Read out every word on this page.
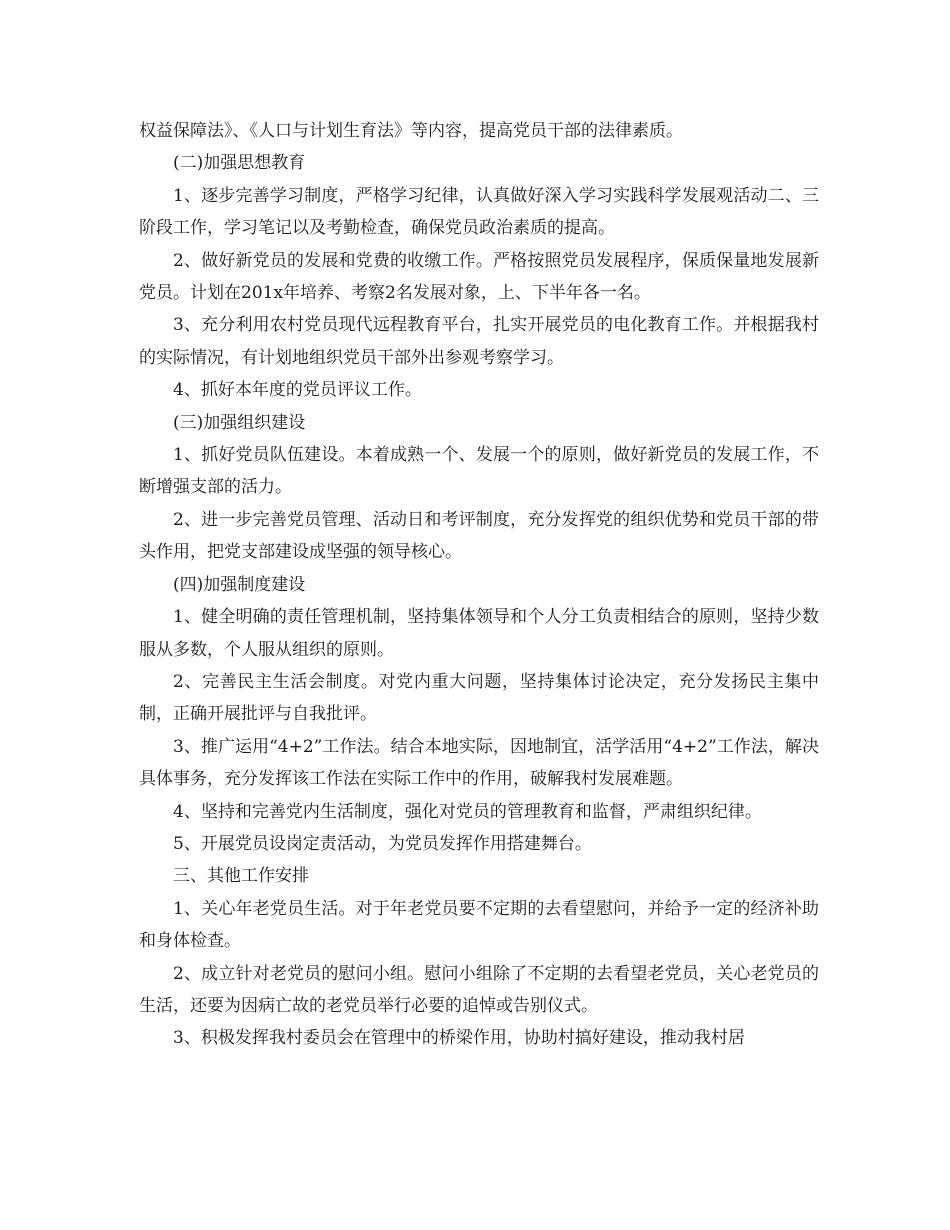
权益保障法》、《人口与计划生育法》等内容，提高党员干部的法律素质。

(二)加强思想教育

1、逐步完善学习制度，严格学习纪律，认真做好深入学习实践科学发展观活动二、三阶段工作，学习笔记以及考勤检查，确保党员政治素质的提高。

2、做好新党员的发展和党费的收缴工作。严格按照党员发展程序，保质保量地发展新党员。计划在201x年培养、考察2名发展对象，上、下半年各一名。

3、充分利用农村党员现代远程教育平台，扎实开展党员的电化教育工作。并根据我村的实际情况，有计划地组织党员干部外出参观考察学习。

4、抓好本年度的党员评议工作。

(三)加强组织建设

1、抓好党员队伍建设。本着成熟一个、发展一个的原则，做好新党员的发展工作，不断增强支部的活力。

2、进一步完善党员管理、活动日和考评制度，充分发挥党的组织优势和党员干部的带头作用，把党支部建设成坚强的领导核心。

(四)加强制度建设

1、健全明确的责任管理机制，坚持集体领导和个人分工负责相结合的原则，坚持少数服从多数，个人服从组织的原则。

2、完善民主生活会制度。对党内重大问题，坚持集体讨论决定，充分发扬民主集中制，正确开展批评与自我批评。

3、推广运用“4+2”工作法。结合本地实际，因地制宜，活学活用“4+2”工作法，解决具体事务，充分发挥该工作法在实际工作中的作用，破解我村发展难题。

4、坚持和完善党内生活制度，强化对党员的管理教育和监督，严肃组织纪律。

5、开展党员设岗定责活动，为党员发挥作用搭建舞台。

三、其他工作安排

1、关心年老党员生活。对于年老党员要不定期的去看望慰问，并给予一定的经济补助和身体检查。

2、成立针对老党员的慰问小组。慰问小组除了不定期的去看望老党员，关心老党员的生活，还要为因病亡故的老党员举行必要的追悼或告别仪式。

3、积极发挥我村委员会在管理中的桥梁作用，协助村搞好建设，推动我村居
